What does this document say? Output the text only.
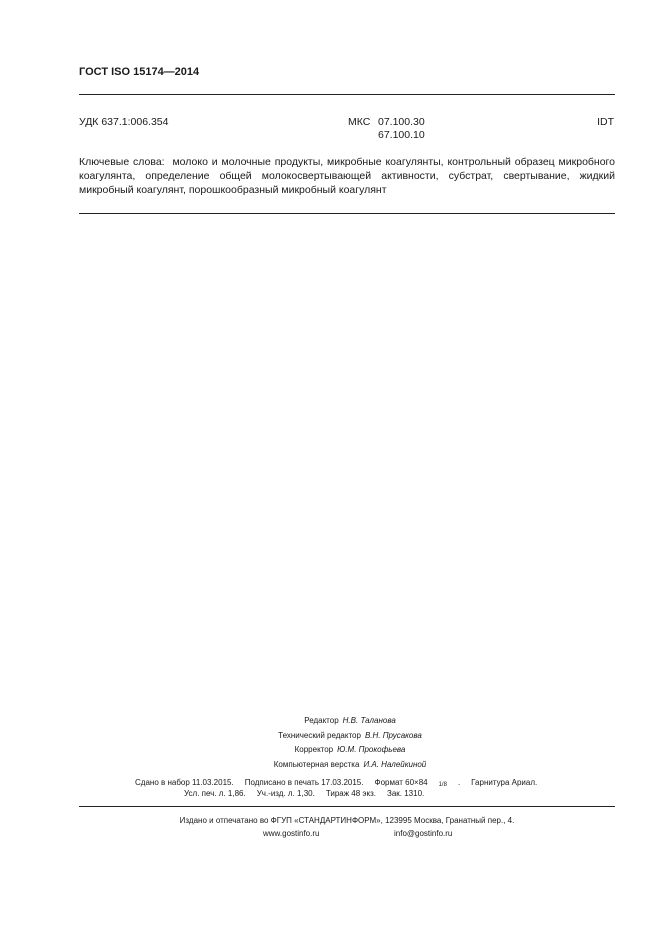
ГОСТ ISO 15174—2014
УДК 637.1:006.354	МКС 07.100.30
67.100.10
IDT
Ключевые слова: молоко и молочные продукты, микробные коагулянты, контрольный образец микробного коагулянта, определение общей молокосвертывающей активности, субстрат, свертывание, жидкий микробный коагулянт, порошкообразный микробный коагулянт
Редактор Н.В. Таланова
Технический редактор В.Н. Прусакова
Корректор Ю.М. Прокофьева
Компьютерная верстка И.А. Налейкиной
Сдано в набор 11.03.2015. Подписано в печать 17.03.2015. Формат 60×84 1/8 . Гарнитура Ариал.
Усл. печ. л. 1,86. Уч.-изд. л. 1,30. Тираж 48 экз. Зак. 1310.
Издано и отпечатано во ФГУП «СТАНДАРТИНФОРМ», 123995 Москва, Гранатный пер., 4.
www.gostinfo.ru	info@gostinfo.ru
